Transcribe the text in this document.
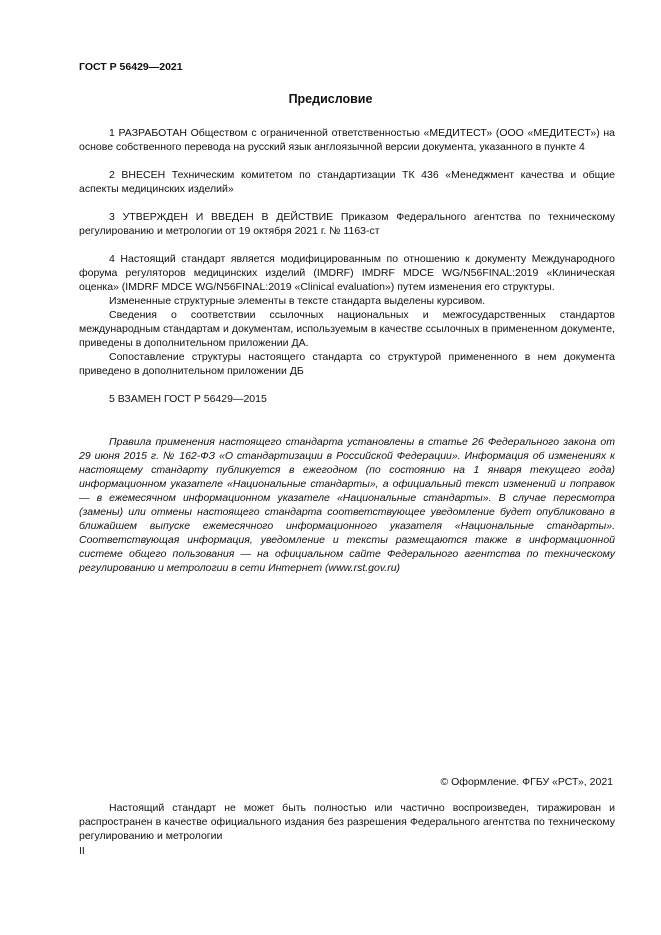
ГОСТ Р 56429—2021
Предисловие

1 РАЗРАБОТАН Обществом с ограниченной ответственностью «МЕДИТЕСТ» (ООО «МЕДИТЕСТ») на основе собственного перевода на русский язык англоязычной версии документа, указанного в пункте 4

2 ВНЕСЕН Техническим комитетом по стандартизации ТК 436 «Менеджмент качества и общие аспекты медицинских изделий»

3 УТВЕРЖДЕН И ВВЕДЕН В ДЕЙСТВИЕ Приказом Федерального агентства по техническому регулированию и метрологии от 19 октября 2021 г. № 1163-ст

4 Настоящий стандарт является модифицированным по отношению к документу Международного форума регуляторов медицинских изделий (IMDRF) IMDRF MDCE WG/N56FINAL:2019 «Клиническая оценка» (IMDRF MDCE WG/N56FINAL:2019 «Clinical evaluation») путем изменения его структуры.

Измененные структурные элементы в тексте стандарта выделены курсивом.

Сведения о соответствии ссылочных национальных и межгосударственных стандартов международным стандартам и документам, используемым в качестве ссылочных в примененном документе, приведены в дополнительном приложении ДА.

Сопоставление структуры настоящего стандарта со структурой примененного в нем документа приведено в дополнительном приложении ДБ

5 ВЗАМЕН ГОСТ Р 56429—2015

Правила применения настоящего стандарта установлены в статье 26 Федерального закона от 29 июня 2015 г. № 162-ФЗ «О стандартизации в Российской Федерации». Информация об изменениях к настоящему стандарту публикуется в ежегодном (по состоянию на 1 января текущего года) информационном указателе «Национальные стандарты», а официальный текст изменений и поправок — в ежемесячном информационном указателе «Национальные стандарты». В случае пересмотра (замены) или отмены настоящего стандарта соответствующее уведомление будет опубликовано в ближайшем выпуске ежемесячного информационного указателя «Национальные стандарты». Соответствующая информация, уведомление и тексты размещаются также в информационной системе общего пользования — на официальном сайте Федерального агентства по техническому регулированию и метрологии в сети Интернет (www.rst.gov.ru)

© Оформление. ФГБУ «РСТ», 2021

Настоящий стандарт не может быть полностью или частично воспроизведен, тиражирован и распространен в качестве официального издания без разрешения Федерального агентства по техническому регулированию и метрологии

II
